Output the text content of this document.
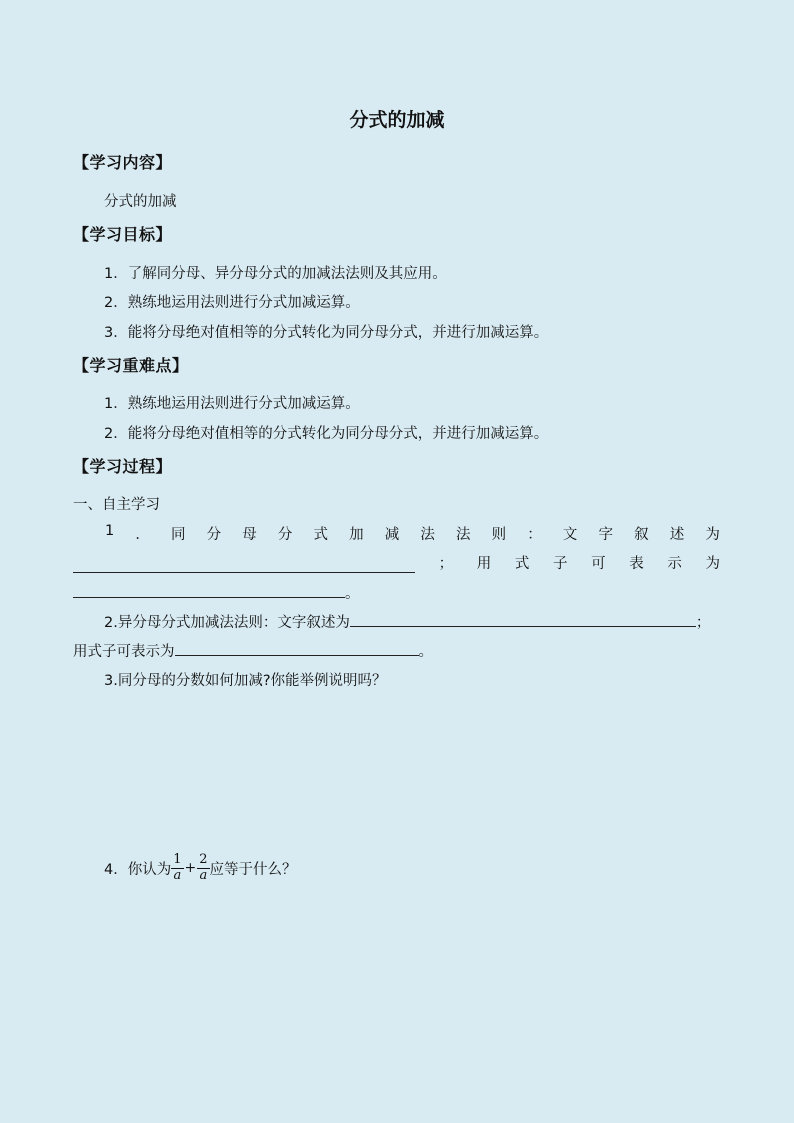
分式的加减
【学习内容】
分式的加减
【学习目标】
1．了解同分母、异分母分式的加减法法则及其应用。
2．熟练地运用法则进行分式加减运算。
3．能将分母绝对值相等的分式转化为同分母分式，并进行加减运算。
【学习重难点】
1．熟练地运用法则进行分式加减运算。
2．能将分母绝对值相等的分式转化为同分母分式，并进行加减运算。
【学习过程】
一、自主学习
1 ． 同 分 母 分 式 加 减 法 法 则 ： 文 字 叙 述 为
； 用 式 子 可 表 示 为
。
2.异分母分式加减法法则：文字叙述为	；
用式子可表示为	。
3.同分母的分数如何加减?你能举例说明吗？
4．你认为 $\frac{1}{a} + \frac{2}{a}$ 应等于什么？
